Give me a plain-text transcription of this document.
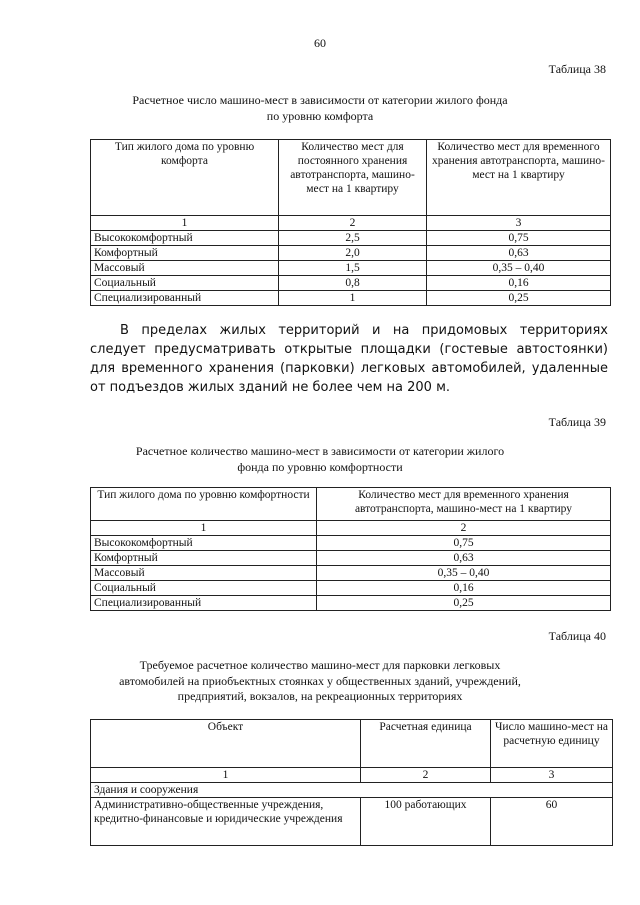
60
Таблица 38
Расчетное число машино-мест в зависимости от категории жилого фонда
по уровню комфорта
Тип жилого дома по уровню комфорта	Количество мест для постоянного хранения автотранспорта, машино-мест на 1 квартиру	Количество мест для временного хранения автотранспорта, машино-мест на 1 квартиру
1	2	3
Высококомфортный	2,5	0,75
Комфортный	2,0	0,63
Массовый	1,5	0,35 – 0,40
Социальный	0,8	0,16
Специализированный	1	0,25
В пределах жилых территорий и на придомовых территориях следует предусматривать открытые площадки (гостевые автостоянки) для временного хранения (парковки) легковых автомобилей, удаленные от подъездов жилых зданий не более чем на 200 м.
Таблица 39
Расчетное количество машино-мест в зависимости от категории жилого
фонда по уровню комфортности
Тип жилого дома по уровню комфортности	Количество мест для временного хранения автотранспорта, машино-мест на 1 квартиру
1	2
Высококомфортный	0,75
Комфортный	0,63
Массовый	0,35 – 0,40
Социальный	0,16
Специализированный	0,25
Таблица 40
Требуемое расчетное количество машино-мест для парковки легковых
автомобилей на приобъектных стоянках у общественных зданий, учреждений,
предприятий, вокзалов, на рекреационных территориях
Объект	Расчетная единица	Число машино-мест на расчетную единицу
1	2	3
Здания и сооружения		
Административно-общественные учреждения, кредитно-финансовые и юридические учреждения	100 работающих	60
